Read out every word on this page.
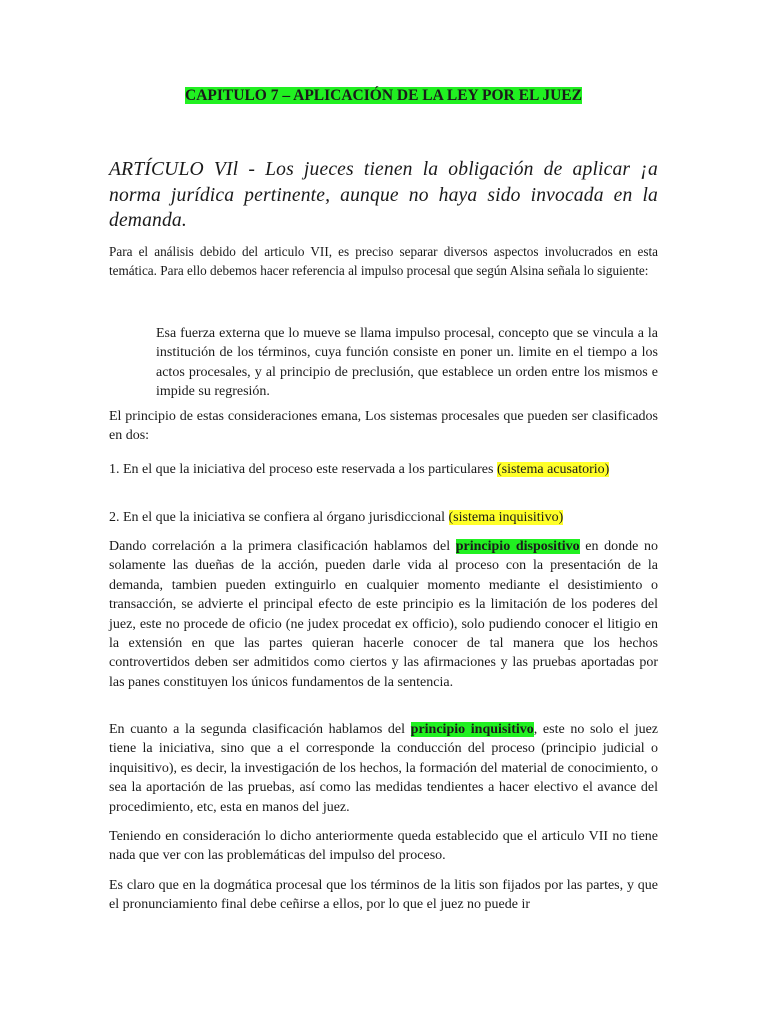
CAPITULO 7 – APLICACIÓN DE LA LEY POR EL JUEZ
ARTÍCULO VIl - Los jueces tienen la obligación de aplicar ¡a norma jurídica pertinente, aunque no haya sido invocada en la demanda.
Para el análisis debido del articulo VII, es preciso separar diversos aspectos involucrados en esta temática. Para ello debemos hacer referencia al impulso procesal que según Alsina señala lo siguiente:
Esa fuerza externa que lo mueve se llama impulso procesal, concepto que se vincula a la institución de los términos, cuya función consiste en poner un. limite en el tiempo a los actos procesales, y al principio de preclusión, que establece un orden entre los mismos e impide su regresión.

El principio de estas consideraciones emana, Los sistemas procesales que pueden ser clasificados en dos:

1. En el que la iniciativa del proceso este reservada a los particulares (sistema acusatorio)

2. En el que la iniciativa se confiera al órgano jurisdiccional (sistema inquisitivo)

Dando correlación a la primera clasificación hablamos del principio dispositivo en donde no solamente las dueñas de la acción, pueden darle vida al proceso con la presentación de la demanda, tambien pueden extinguirlo en cualquier momento mediante el desistimiento o transacción, se advierte el principal efecto de este principio es la limitación de los poderes del juez, este no procede de oficio (ne judex procedat ex officio), solo pudiendo conocer el litigio en la extensión en que las partes quieran hacerle conocer de tal manera que los hechos controvertidos deben ser admitidos como ciertos y las afirmaciones y las pruebas aportadas por las panes constituyen los únicos fundamentos de la sentencia.

En cuanto a la segunda clasificación hablamos del principio inquisitivo, este no solo el juez tiene la iniciativa, sino que a el corresponde la conducción del proceso (principio judicial o inquisitivo), es decir, la investigación de los hechos, la formación del material de conocimiento, o sea la aportación de las pruebas, así como las medidas tendientes a hacer electivo el avance del procedimiento, etc, esta en manos del juez.

Teniendo en consideración lo dicho anteriormente queda establecido que el articulo VII no tiene nada que ver con las problemáticas del impulso del proceso.

Es claro que en la dogmática procesal que los términos de la litis son fijados por las partes, y que el pronunciamiento final debe ceñirse a ellos, por lo que el juez no puede ir
